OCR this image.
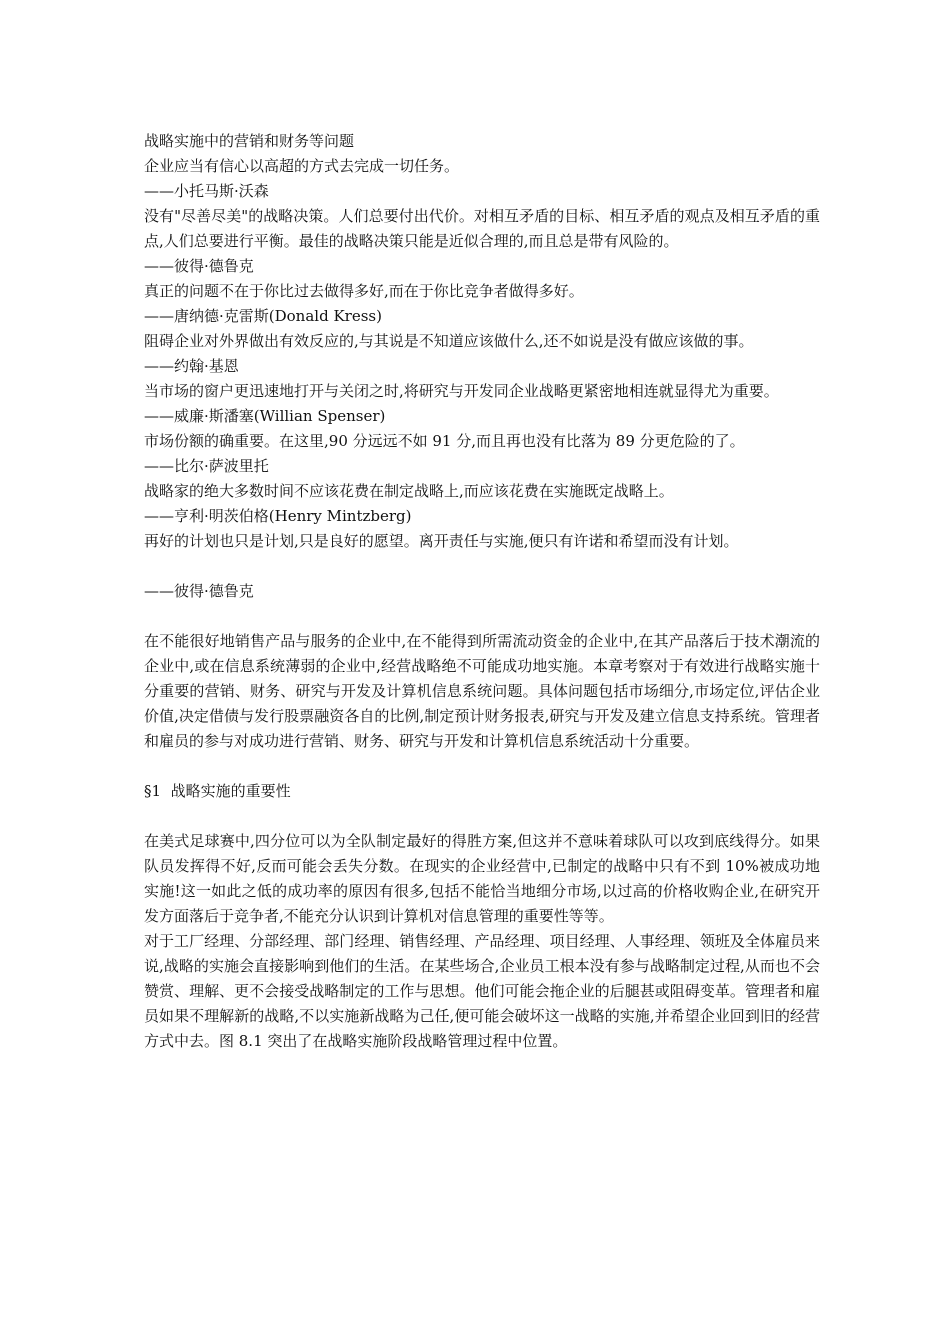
战略实施中的营销和财务等问题

企业应当有信心以高超的方式去完成一切任务。

——小托马斯·沃森

没有"尽善尽美"的战略决策。人们总要付出代价。对相互矛盾的目标、相互矛盾的观点及相互矛盾的重点,人们总要进行平衡。最佳的战略决策只能是近似合理的,而且总是带有风险的。

——彼得·德鲁克

真正的问题不在于你比过去做得多好,而在于你比竞争者做得多好。

——唐纳德·克雷斯(Donald Kress)

阻碍企业对外界做出有效反应的,与其说是不知道应该做什么,还不如说是没有做应该做的事。

——约翰·基恩

当市场的窗户更迅速地打开与关闭之时,将研究与开发同企业战略更紧密地相连就显得尤为重要。

——威廉·斯潘塞(Willian Spenser)

市场份额的确重要。在这里,90 分远远不如 91 分,而且再也没有比落为 89 分更危险的了。

——比尔·萨波里托

战略家的绝大多数时间不应该花费在制定战略上,而应该花费在实施既定战略上。

——亨利·明茨伯格(Henry Mintzberg)

再好的计划也只是计划,只是良好的愿望。离开责任与实施,便只有许诺和希望而没有计划。

——彼得·德鲁克

在不能很好地销售产品与服务的企业中,在不能得到所需流动资金的企业中,在其产品落后于技术潮流的企业中,或在信息系统薄弱的企业中,经营战略绝不可能成功地实施。本章考察对于有效进行战略实施十分重要的营销、财务、研究与开发及计算机信息系统问题。具体问题包括市场细分,市场定位,评估企业价值,决定借债与发行股票融资各自的比例,制定预计财务报表,研究与开发及建立信息支持系统。管理者和雇员的参与对成功进行营销、财务、研究与开发和计算机信息系统活动十分重要。

§1  战略实施的重要性

在美式足球赛中,四分位可以为全队制定最好的得胜方案,但这并不意味着球队可以攻到底线得分。如果队员发挥得不好,反而可能会丢失分数。在现实的企业经营中,已制定的战略中只有不到 10%被成功地实施!这一如此之低的成功率的原因有很多,包括不能恰当地细分市场,以过高的价格收购企业,在研究开发方面落后于竞争者,不能充分认识到计算机对信息管理的重要性等等。

对于工厂经理、分部经理、部门经理、销售经理、产品经理、项目经理、人事经理、领班及全体雇员来说,战略的实施会直接影响到他们的生活。在某些场合,企业员工根本没有参与战略制定过程,从而也不会赞赏、理解、更不会接受战略制定的工作与思想。他们可能会拖企业的后腿甚或阻碍变革。管理者和雇员如果不理解新的战略,不以实施新战略为己任,便可能会破坏这一战略的实施,并希望企业回到旧的经营方式中去。图 8.1 突出了在战略实施阶段战略管理过程中位置。
